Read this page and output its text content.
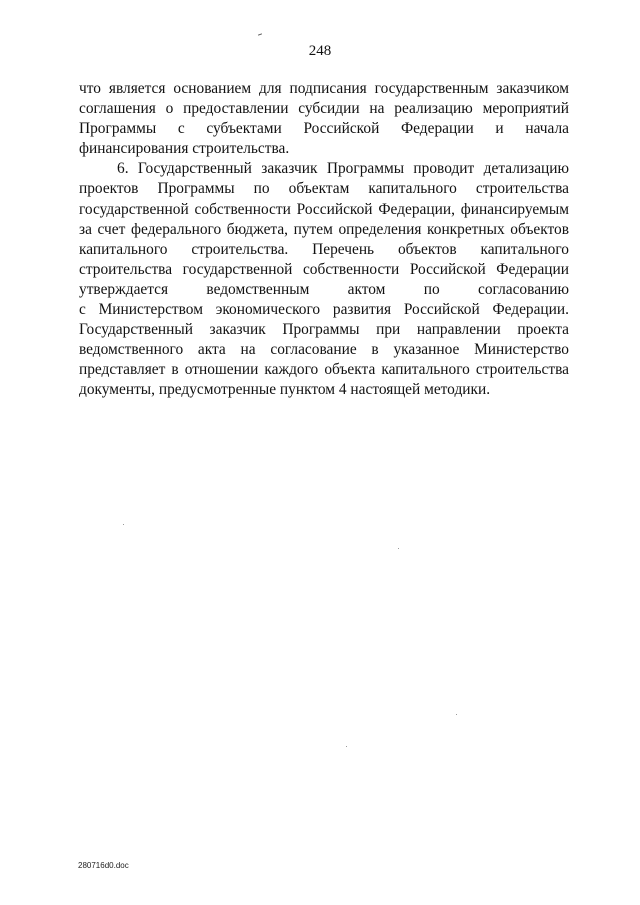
248
что является основанием для подписания государственным заказчиком
соглашения о предоставлении субсидии на реализацию мероприятий
Программы с субъектами Российской Федерации и начала
финансирования строительства.
6. Государственный заказчик Программы проводит детализацию
проектов Программы по объектам капитального строительства
государственной собственности Российской Федерации, финансируемым
за счет федерального бюджета, путем определения конкретных объектов
капитального строительства. Перечень объектов капитального
строительства государственной собственности Российской Федерации
утверждается ведомственным актом по согласованию
с Министерством экономического развития Российской Федерации.
Государственный заказчик Программы при направлении проекта
ведомственного акта на согласование в указанное Министерство
представляет в отношении каждого объекта капитального строительства
документы, предусмотренные пунктом 4 настоящей методики.
280716d0.doc
